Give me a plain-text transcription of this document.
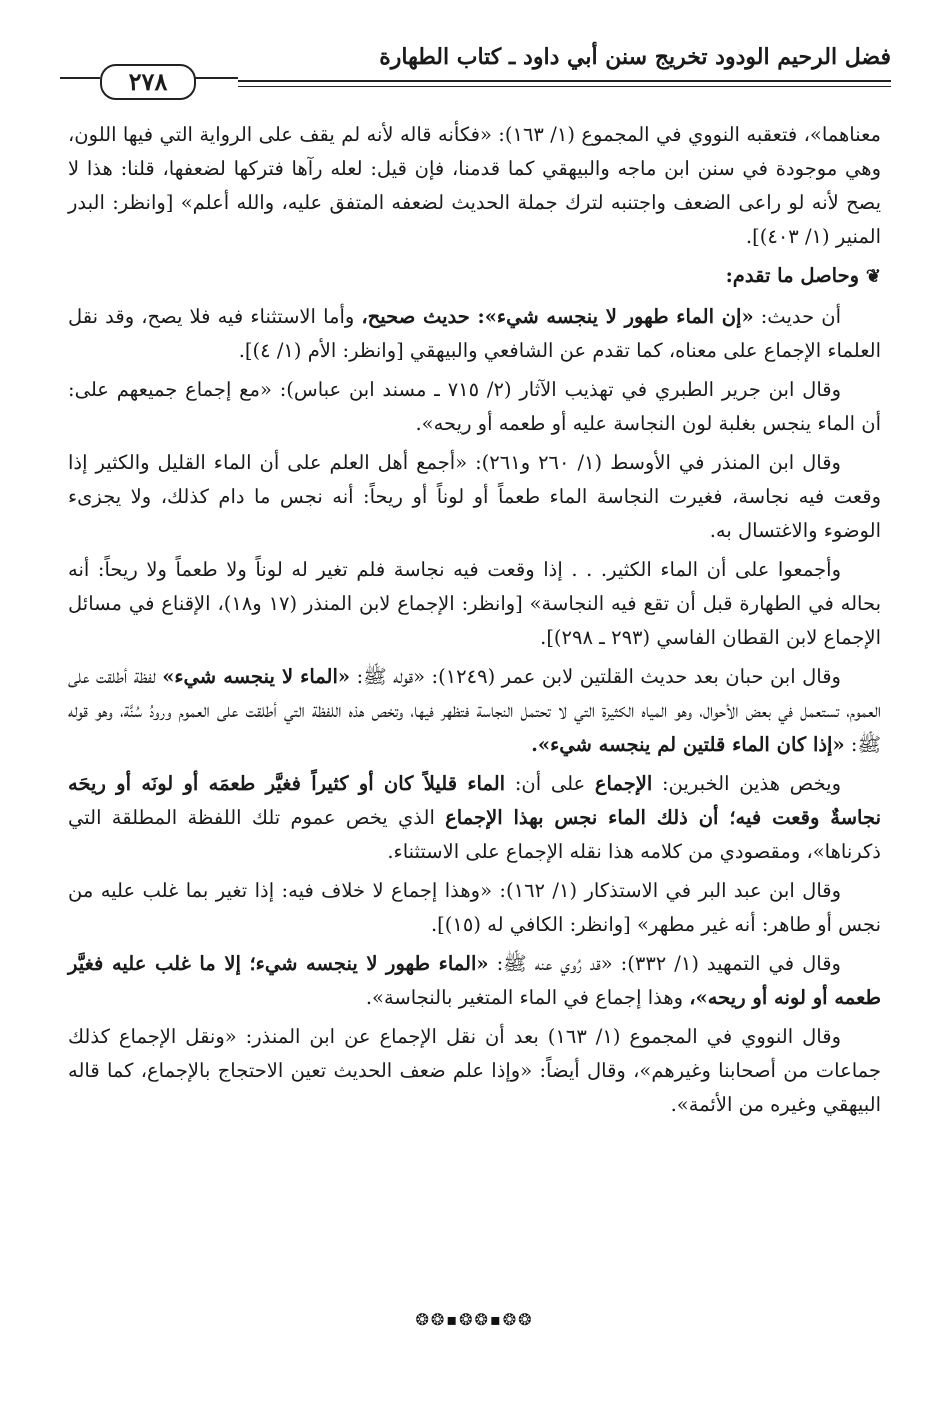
فضل الرحيم الودود تخريج سنن أبي داود ـ كتاب الطهارة
٢٧٨

معناهما»، فتعقبه النووي في المجموع (١/ ١٦٣): «فكأنه قاله لأنه لم يقف على الرواية التي فيها اللون، وهي موجودة في سنن ابن ماجه والبيهقي كما قدمنا، فإن قيل: لعله رآها فتركها لضعفها، قلنا: هذا لا يصح لأنه لو راعى الضعف واجتنبه لترك جملة الحديث لضعفه المتفق عليه، والله أعلم» [وانظر: البدر المنير (١/ ٤٠٣)].

❦ وحاصل ما تقدم:

أن حديث: «إن الماء طهور لا ينجسه شيء»: حديث صحيح، وأما الاستثناء فيه فلا يصح، وقد نقل العلماء الإجماع على معناه، كما تقدم عن الشافعي والبيهقي [وانظر: الأم (١/ ٤)].

وقال ابن جرير الطبري في تهذيب الآثار (٢/ ٧١٥ ـ مسند ابن عباس): «مع إجماع جميعهم على: أن الماء ينجس بغلبة لون النجاسة عليه أو طعمه أو ريحه».

وقال ابن المنذر في الأوسط (١/ ٢٦٠ و٢٦١): «أجمع أهل العلم على أن الماء القليل والكثير إذا وقعت فيه نجاسة، فغيرت النجاسة الماء طعماً أو لوناً أو ريحاً: أنه نجس ما دام كذلك، ولا يجزىء الوضوء والاغتسال به.

وأجمعوا على أن الماء الكثير. . . إذا وقعت فيه نجاسة فلم تغير له لوناً ولا طعماً ولا ريحاً: أنه بحاله في الطهارة قبل أن تقع فيه النجاسة» [وانظر: الإجماع لابن المنذر (١٧ و١٨)، الإقناع في مسائل الإجماع لابن القطان الفاسي (٢٩٣ ـ ٢٩٨)].

وقال ابن حبان بعد حديث القلتين لابن عمر (١٢٤٩): «قوله ﷺ: «الماء لا ينجسه شيء» لفظة أطلقت على العموم، تستعمل في بعض الأحوال، وهو المياه الكثيرة التي لا تحتمل النجاسة فتظهر فيها، وتخص هذه اللفظة التي أطلقت على العموم ورودُ سُنَّة، وهو قوله ﷺ: «إذا كان الماء قلتين لم ينجسه شيء».

ويخص هذين الخبرين: الإجماع على أن: الماء قليلاً كان أو كثيراً فغيَّر طعمَه أو لونَه أو ريحَه نجاسةٌ وقعت فيه؛ أن ذلك الماء نجس بهذا الإجماع الذي يخص عموم تلك اللفظة المطلقة التي ذكرناها»، ومقصودي من كلامه هذا نقله الإجماع على الاستثناء.

وقال ابن عبد البر في الاستذكار (١/ ١٦٢): «وهذا إجماع لا خلاف فيه: إذا تغير بما غلب عليه من نجس أو طاهر: أنه غير مطهر» [وانظر: الكافي له (١٥)].

وقال في التمهيد (١/ ٣٣٢): «قد رُوي عنه ﷺ: «الماء طهور لا ينجسه شيء؛ إلا ما غلب عليه فغيَّر طعمه أو لونه أو ريحه»، وهذا إجماع في الماء المتغير بالنجاسة».

وقال النووي في المجموع (١/ ١٦٣) بعد أن نقل الإجماع عن ابن المنذر: «ونقل الإجماع كذلك جماعات من أصحابنا وغيرهم»، وقال أيضاً: «وإذا علم ضعف الحديث تعين الاحتجاج بالإجماع، كما قاله البيهقي وغيره من الأئمة».

❂❂▪❂❂▪❂❂
